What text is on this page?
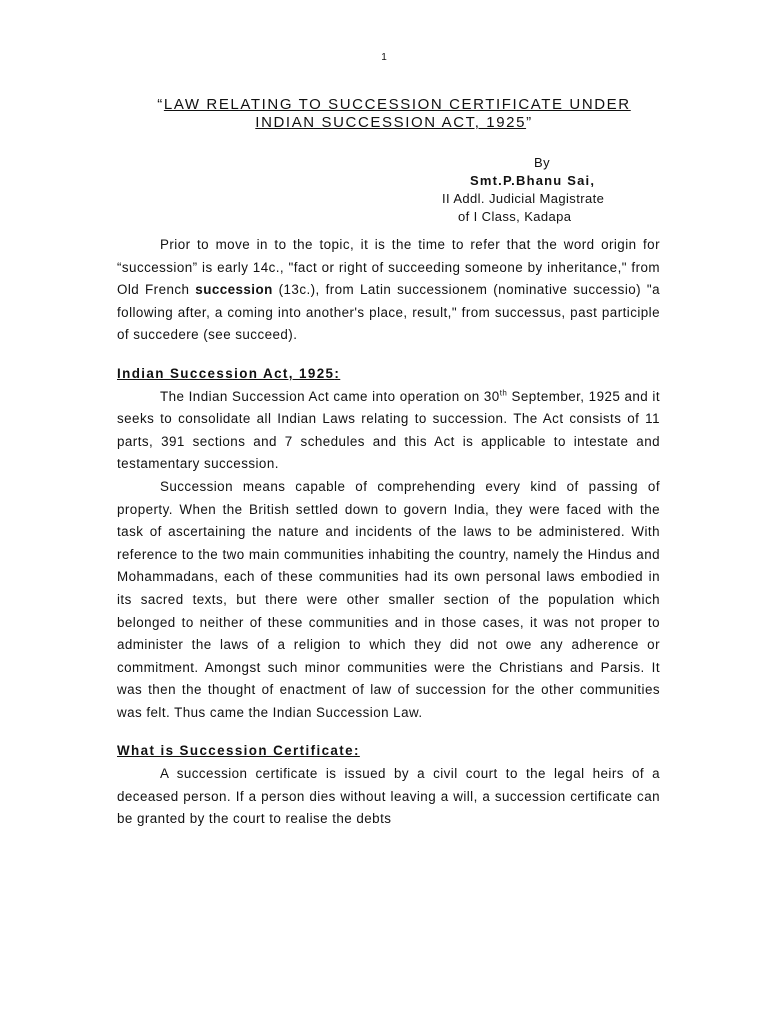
1
“LAW RELATING TO SUCCESSION CERTIFICATE UNDER
INDIAN SUCCESSION ACT, 1925”
By
Smt.P.Bhanu Sai,
II Addl. Judicial Magistrate
of I Class, Kadapa

Prior to move in to the topic, it is the time to refer that the word origin for “succession” is early 14c., "fact or right of succeeding someone by inheritance," from Old French succession (13c.), from Latin successionem (nominative successio) "a following after, a coming into another's place, result," from successus, past participle of succedere (see succeed).

Indian Succession Act, 1925:

The Indian Succession Act came into operation on 30th September, 1925 and it seeks to consolidate all Indian Laws relating to succession. The Act consists of 11 parts, 391 sections and 7 schedules and this Act is applicable to intestate and testamentary succession.

Succession means capable of comprehending every kind of passing of property. When the British settled down to govern India, they were faced with the task of ascertaining the nature and incidents of the laws to be administered. With reference to the two main communities inhabiting the country, namely the Hindus and Mohammadans, each of these communities had its own personal laws embodied in its sacred texts, but there were other smaller section of the population which belonged to neither of these communities and in those cases, it was not proper to administer the laws of a religion to which they did not owe any adherence or commitment. Amongst such minor communities were the Christians and Parsis. It was then the thought of enactment of law of succession for the other communities was felt. Thus came the Indian Succession Law.

What is Succession Certificate:

A succession certificate is issued by a civil court to the legal heirs of a deceased person. If a person dies without leaving a will, a succession certificate can be granted by the court to realise the debts
